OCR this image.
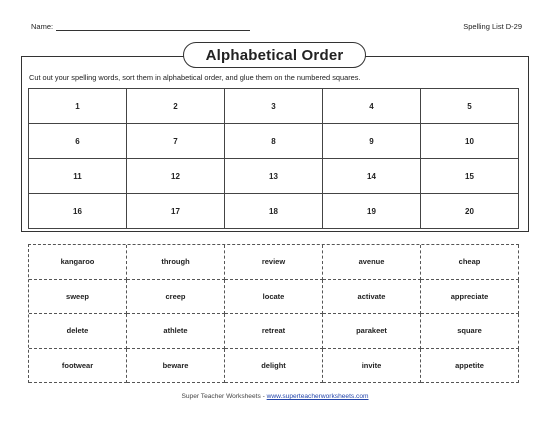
Name:	Spelling List D-29
Alphabetical Order
Cut out your spelling words, sort them in alphabetical order, and glue them on the numbered squares.
1	2	3	4	5
6	7	8	9	10
11	12	13	14	15
16	17	18	19	20
kangaroo	through	review	avenue	cheap
sweep	creep	locate	activate	appreciate
delete	athlete	retreat	parakeet	square
footwear	beware	delight	invite	appetite
Super Teacher Worksheets - www.superteacherworksheets.com
